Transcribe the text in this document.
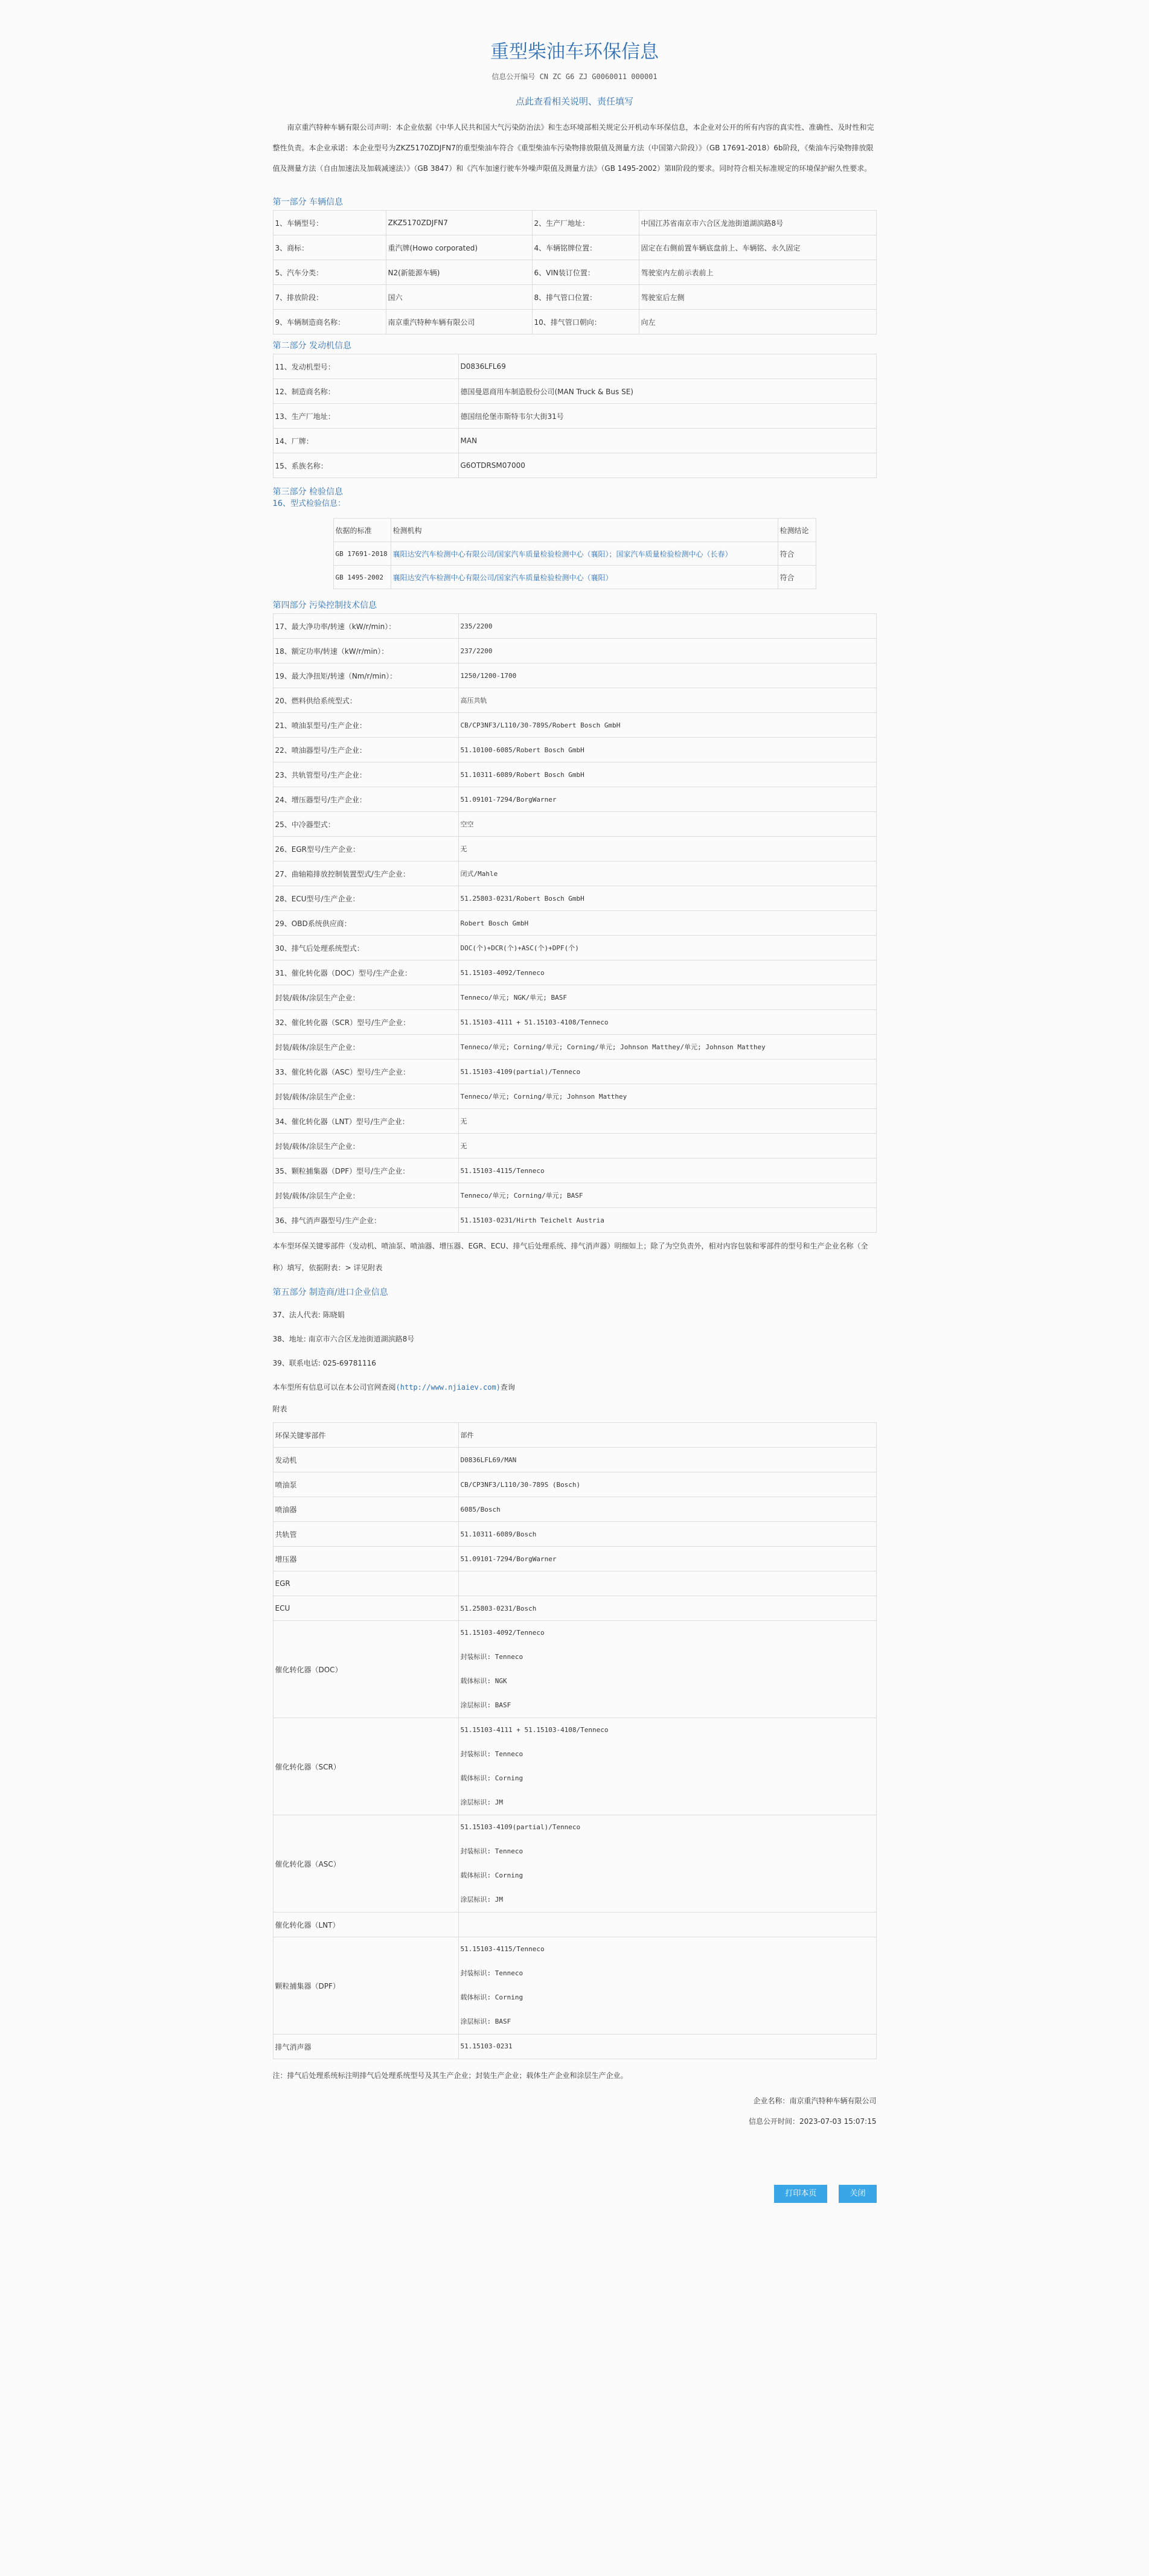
重型柴油车环保信息
信息公开编号 CN ZC G6 ZJ G0060011 000001
点此查看相关说明、责任填写

南京重汽特种车辆有限公司声明：本企业依据《中华人民共和国大气污染防治法》和生态环境部相关规定公开机动车环保信息，本企业对公开的所有内容的真实性、准确性、及时性和完整性负责。本企业承诺：本企业型号为ZKZ5170ZDJFN7的重型柴油车符合《重型柴油车污染物排放限值及测量方法（中国第六阶段）》（GB 17691-2018）6b阶段，《柴油车污染物排放限值及测量方法（自由加速法及加载减速法）》（GB 3847）和《汽车加速行驶车外噪声限值及测量方法》（GB 1495-2002）第II阶段的要求。同时符合相关标准规定的环境保护耐久性要求。

第一部分 车辆信息
1、车辆型号：	ZKZ5170ZDJFN7	2、生产厂地址：	中国江苏省南京市六合区龙池街道湖滨路8号
3、商标：	重汽牌(Howo corporated)	4、车辆铭牌位置：	固定在右侧前置车辆底盘前上、车辆铭、永久固定
5、汽车分类：	N2(新能源车辆)	6、VIN装订位置：	驾驶室内左前示表前上
7、排放阶段：	国六	8、排气管口位置：	驾驶室后左侧
9、车辆制造商名称：	南京重汽特种车辆有限公司	10、排气管口朝向：	向左
第二部分 发动机信息
11、发动机型号：	D0836LFL69
12、制造商名称：	德国曼恩商用车制造股份公司(MAN Truck & Bus SE)
13、生产厂地址：	德国纽伦堡市斯特韦尔大街31号
14、厂牌：	MAN
15、系族名称：	G6OTDRSM07000
第三部分 检验信息
16、型式检验信息：
依据的标准	检测机构	检测结论
GB 17691-2018	襄阳达安汽车检测中心有限公司/国家汽车质量检验检测中心（襄阳）；国家汽车质量检验检测中心（长春）	符合
GB 1495-2002	襄阳达安汽车检测中心有限公司/国家汽车质量检验检测中心（襄阳）	符合
第四部分 污染控制技术信息
17、最大净功率/转速（kW/r/min）：	235/2200
18、额定功率/转速（kW/r/min）：	237/2200
19、最大净扭矩/转速（Nm/r/min）：	1250/1200-1700
20、燃料供给系统型式：	高压共轨
21、喷油泵型号/生产企业：	CB/CP3NF3/L110/30-789S/Robert Bosch GmbH
22、喷油器型号/生产企业：	51.10100-6085/Robert Bosch GmbH
23、共轨管型号/生产企业：	51.10311-6089/Robert Bosch GmbH
24、增压器型号/生产企业：	51.09101-7294/BorgWarner
25、中冷器型式：	空空
26、EGR型号/生产企业：	无
27、曲轴箱排放控制装置型式/生产企业：	闭式/Mahle
28、ECU型号/生产企业：	51.25803-0231/Robert Bosch GmbH
29、OBD系统供应商：	Robert Bosch GmbH
30、排气后处理系统型式：	DOC(个)+DCR(个)+ASC(个)+DPF(个)
31、催化转化器（DOC）型号/生产企业：	51.15103-4092/Tenneco
封装/载体/涂层生产企业：	Tenneco/单元; NGK/单元; BASF
32、催化转化器（SCR）型号/生产企业：	51.15103-4111 + 51.15103-4108/Tenneco
封装/载体/涂层生产企业：	Tenneco/单元; Corning/单元; Corning/单元; Johnson Matthey/单元; Johnson Matthey
33、催化转化器（ASC）型号/生产企业：	51.15103-4109(partial)/Tenneco
封装/载体/涂层生产企业：	Tenneco/单元; Corning/单元; Johnson Matthey
34、催化转化器（LNT）型号/生产企业：	无
封装/载体/涂层生产企业：	无
35、颗粒捕集器（DPF）型号/生产企业：	51.15103-4115/Tenneco
封装/载体/涂层生产企业：	Tenneco/单元; Corning/单元; BASF
36、排气消声器型号/生产企业：	51.15103-0231/Hirth Teichelt Austria

本车型环保关键零部件（发动机、喷油泵、喷油器、增压器、EGR、ECU、排气后处理系统、排气消声器）明细如上；除了为空负责外，相对内容包装和零部件的型号和生产企业名称（全称）填写，依据附表：> 详见附表

第五部分 制造商/进口企业信息
37、法人代表: 陈晓娟
38、地址: 南京市六合区龙池街道湖滨路8号
39、联系电话: 025-69781116
本车型所有信息可以在本公司官网查阅(http://www.njiaiev.com)查询
附表
环保关键零部件	部件
发动机	D0836LFL69/MAN
喷油泵	CB/CP3NF3/L110/30-789S (Bosch)
喷油器	6085/Bosch
共轨管	51.10311-6089/Bosch
增压器	51.09101-7294/BorgWarner
EGR	
ECU	51.25803-0231/Bosch
催化转化器（DOC）	51.15103-4092/Tenneco
封装标识: Tenneco
载体标识: NGK
涂层标识: BASF

催化转化器（SCR）	51.15103-4111 + 51.15103-4108/Tenneco
封装标识: Tenneco
载体标识: Corning
涂层标识: JM

催化转化器（ASC）	51.15103-4109(partial)/Tenneco
封装标识: Tenneco
载体标识: Corning
涂层标识: JM

催化转化器（LNT）	

颗粒捕集器（DPF）	51.15103-4115/Tenneco
封装标识: Tenneco
载体标识: Corning
涂层标识: BASF

排气消声器	51.15103-0231
注：排气后处理系统标注明排气后处理系统型号及其生产企业；封装生产企业；载体生产企业和涂层生产企业。
企业名称：南京重汽特种车辆有限公司
信息公开时间：2023-07-03 15:07:15
打印本页	关闭
